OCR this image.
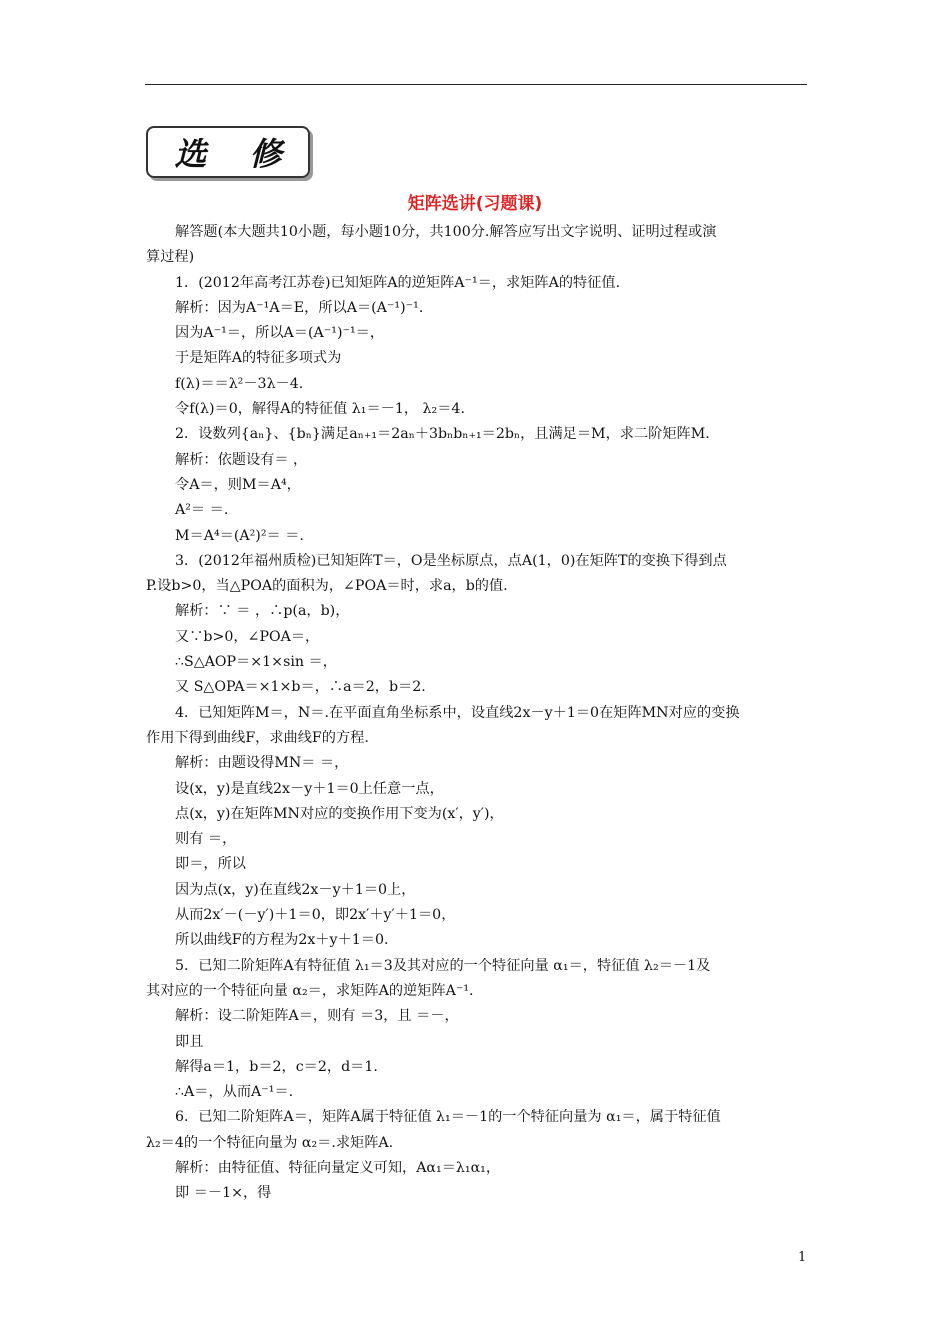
选 修
矩阵选讲(习题课)
解答题(本大题共10小题，每小题10分，共100分.解答应写出文字说明、证明过程或演
算过程)
1．(2012年高考江苏卷)已知矩阵A的逆矩阵A⁻¹＝，求矩阵A的特征值.
解析：因为A⁻¹A＝E，所以A＝(A⁻¹)⁻¹.
因为A⁻¹＝，所以A＝(A⁻¹)⁻¹＝，
于是矩阵A的特征多项式为
f(λ)＝＝λ²－3λ－4.
令f(λ)＝0，解得A的特征值 λ₁＝－1， λ₂＝4.
2．设数列{aₙ}、{bₙ}满足aₙ₊₁＝2aₙ＋3bₙbₙ₊₁＝2bₙ，且满足＝M，求二阶矩阵M.
解析：依题设有＝ ，
令A＝，则M＝A⁴，
A²＝ ＝.
M＝A⁴＝(A²)²＝ ＝.
3．(2012年福州质检)已知矩阵T＝，O是坐标原点，点A(1，0)在矩阵T的变换下得到点
P.设b>0，当△POA的面积为，∠POA＝时，求a，b的值.
解析：∵ ＝ ，∴p(a，b)，
又∵b>0，∠POA＝，
∴S△AOP＝×1×sin ＝，
又 S△OPA＝×1×b＝，∴a＝2，b＝2.
4．已知矩阵M＝，N＝.在平面直角坐标系中，设直线2x－y＋1＝0在矩阵MN对应的变换
作用下得到曲线F，求曲线F的方程.
解析：由题设得MN＝ ＝，
设(x，y)是直线2x－y＋1＝0上任意一点，
点(x，y)在矩阵MN对应的变换作用下变为(x′，y′)，
则有 ＝，
即＝，所以
因为点(x，y)在直线2x－y＋1＝0上，
从而2x′－(－y′)＋1＝0，即2x′＋y′＋1＝0，
所以曲线F的方程为2x＋y＋1＝0.
5．已知二阶矩阵A有特征值 λ₁＝3及其对应的一个特征向量 α₁＝，特征值 λ₂＝－1及
其对应的一个特征向量 α₂＝，求矩阵A的逆矩阵A⁻¹.
解析：设二阶矩阵A＝，则有 ＝3，且 ＝－，
即且
解得a＝1，b＝2，c＝2，d＝1.
∴A＝，从而A⁻¹＝.
6．已知二阶矩阵A＝，矩阵A属于特征值 λ₁＝－1的一个特征向量为 α₁＝，属于特征值
λ₂＝4的一个特征向量为 α₂＝.求矩阵A.
解析：由特征值、特征向量定义可知，Aα₁＝λ₁α₁，
即 ＝－1×，得
1
